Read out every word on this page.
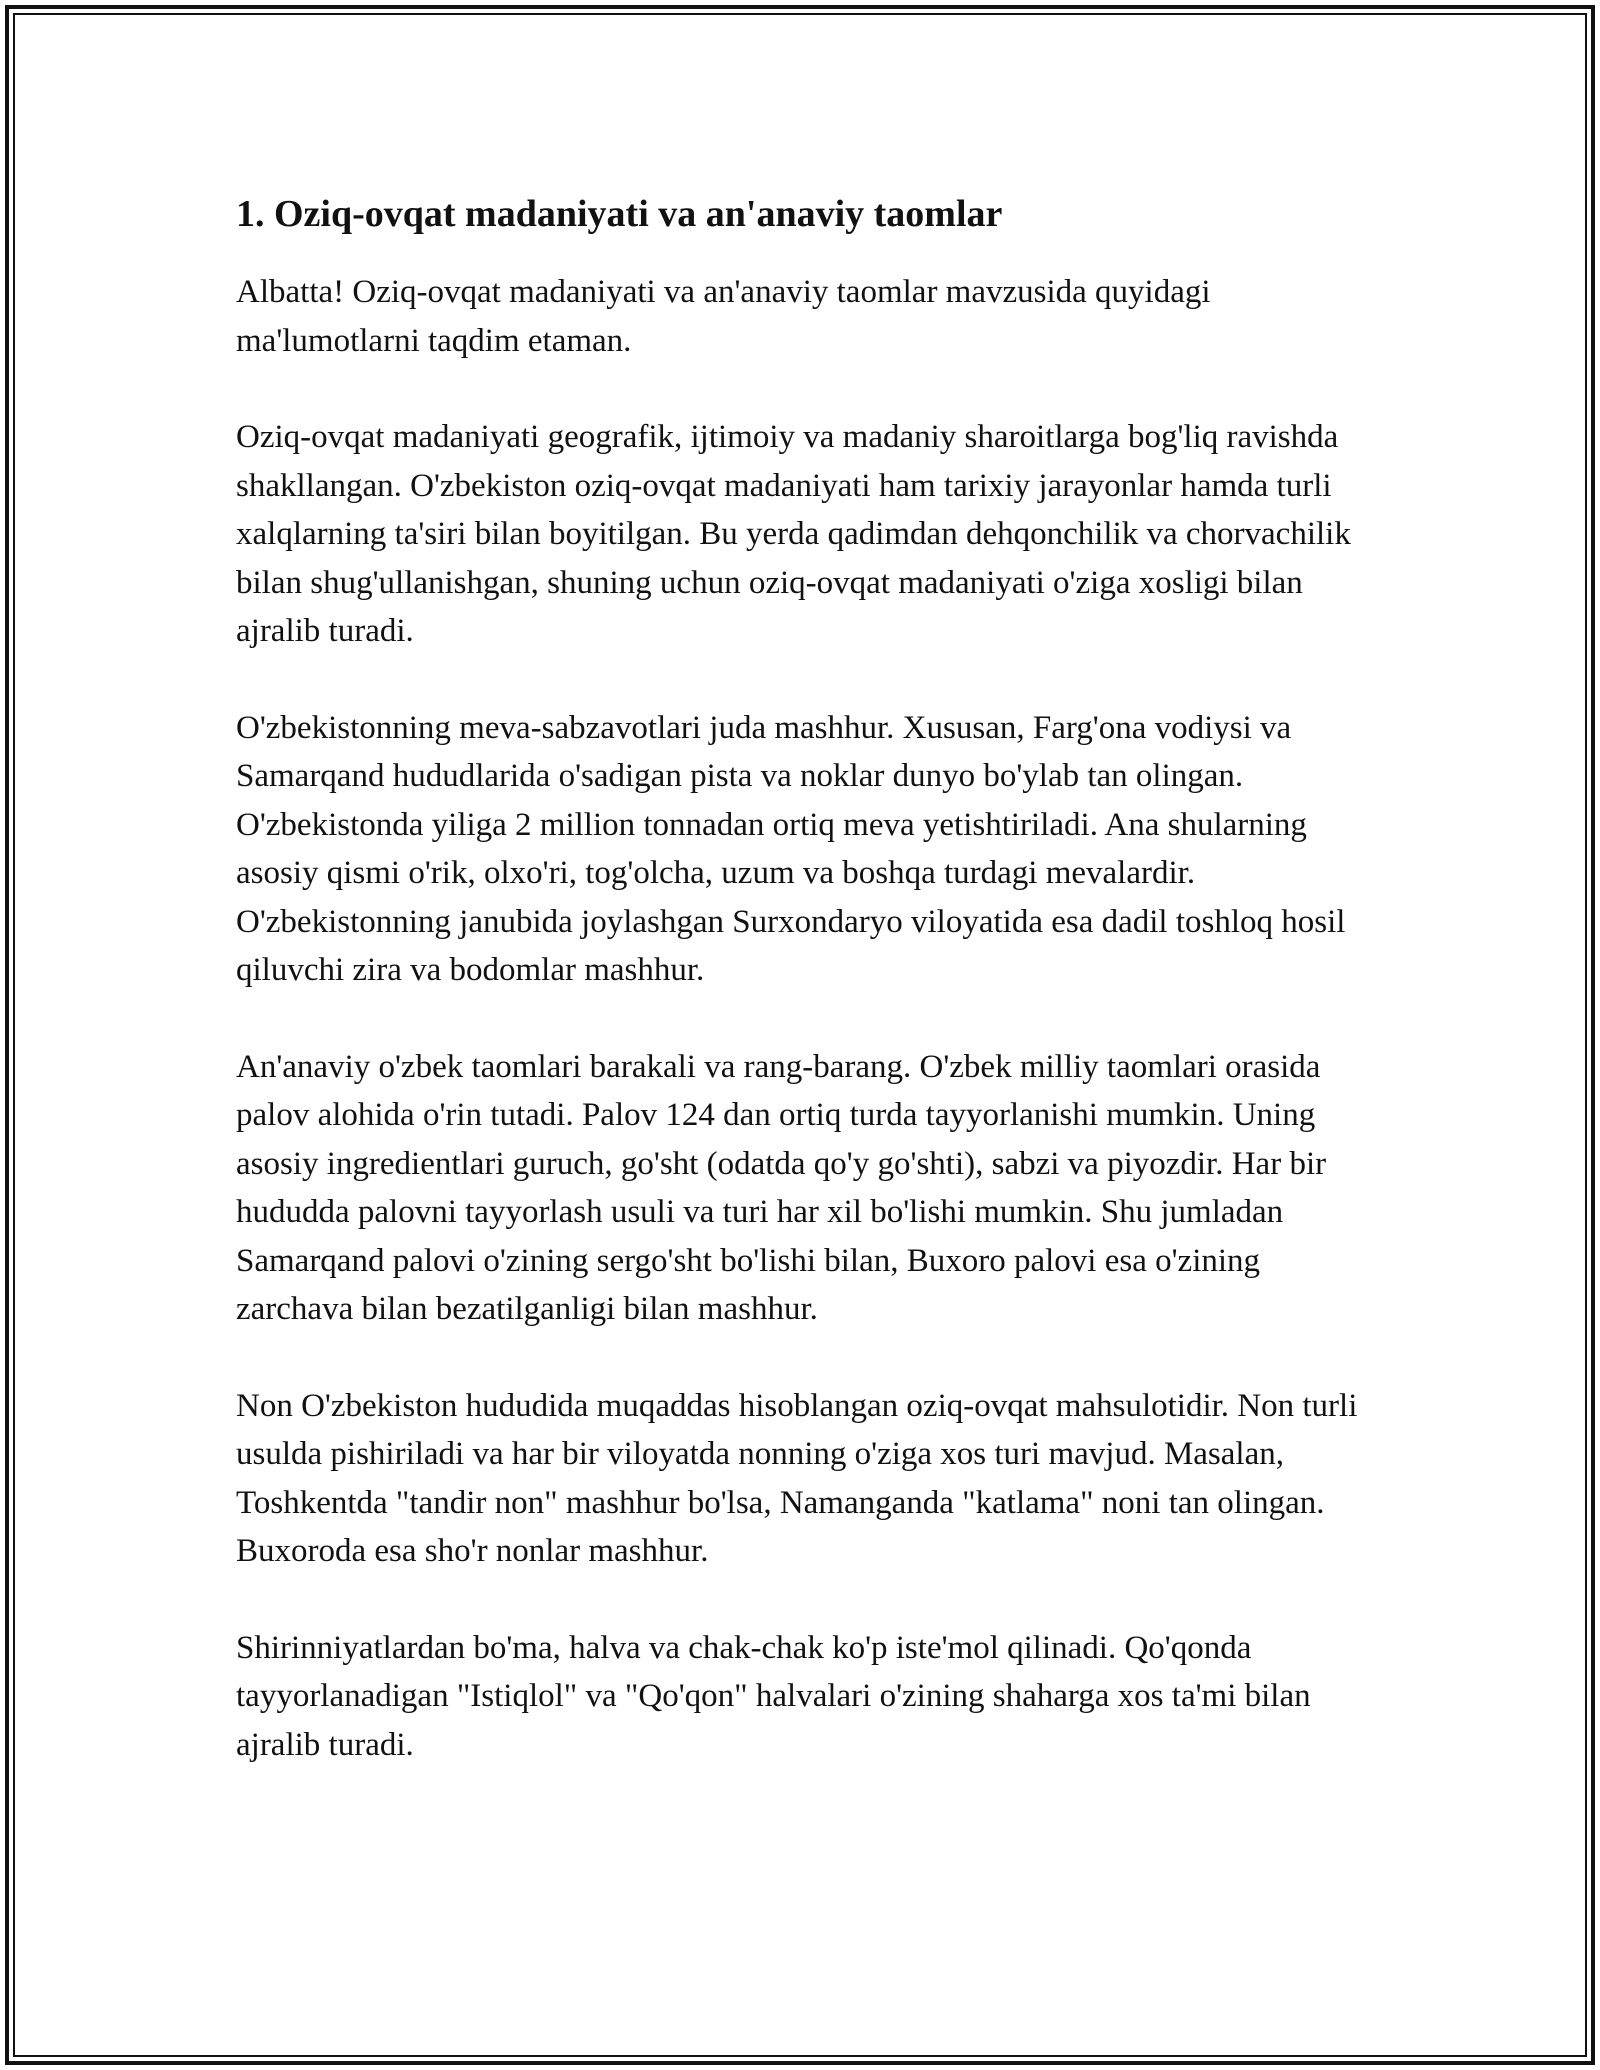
1. Oziq-ovqat madaniyati va an'anaviy taomlar

Albatta! Oziq-ovqat madaniyati va an'anaviy taomlar mavzusida quyidagi ma'lumotlarni taqdim etaman.

Oziq-ovqat madaniyati geografik, ijtimoiy va madaniy sharoitlarga bog'liq ravishda shakllangan. O'zbekiston oziq-ovqat madaniyati ham tarixiy jarayonlar hamda turli xalqlarning ta'siri bilan boyitilgan. Bu yerda qadimdan dehqonchilik va chorvachilik bilan shug'ullanishgan, shuning uchun oziq-ovqat madaniyati o'ziga xosligi bilan ajralib turadi.

O'zbekistonning meva-sabzavotlari juda mashhur. Xususan, Farg'ona vodiysi va Samarqand hududlarida o'sadigan pista va noklar dunyo bo'ylab tan olingan. O'zbekistonda yiliga 2 million tonnadan ortiq meva yetishtiriladi. Ana shularning asosiy qismi o'rik, olxo'ri, tog'olcha, uzum va boshqa turdagi mevalardir. O'zbekistonning janubida joylashgan Surxondaryo viloyatida esa dadil toshloq hosil qiluvchi zira va bodomlar mashhur.

An'anaviy o'zbek taomlari barakali va rang-barang. O'zbek milliy taomlari orasida palov alohida o'rin tutadi. Palov 124 dan ortiq turda tayyorlanishi mumkin. Uning asosiy ingredientlari guruch, go'sht (odatda qo'y go'shti), sabzi va piyozdir. Har bir hududda palovni tayyorlash usuli va turi har xil bo'lishi mumkin. Shu jumladan Samarqand palovi o'zining sergo'sht bo'lishi bilan, Buxoro palovi esa o'zining zarchava bilan bezatilganligi bilan mashhur.

Non O'zbekiston hududida muqaddas hisoblangan oziq-ovqat mahsulotidir. Non turli usulda pishiriladi va har bir viloyatda nonning o'ziga xos turi mavjud. Masalan, Toshkentda "tandir non" mashhur bo'lsa, Namanganda "katlama" noni tan olingan. Buxoroda esa sho'r nonlar mashhur.

Shirinniyatlardan bo'ma, halva va chak-chak ko'p iste'mol qilinadi. Qo'qonda tayyorlanadigan "Istiqlol" va "Qo'qon" halvalari o'zining shaharga xos ta'mi bilan ajralib turadi.
